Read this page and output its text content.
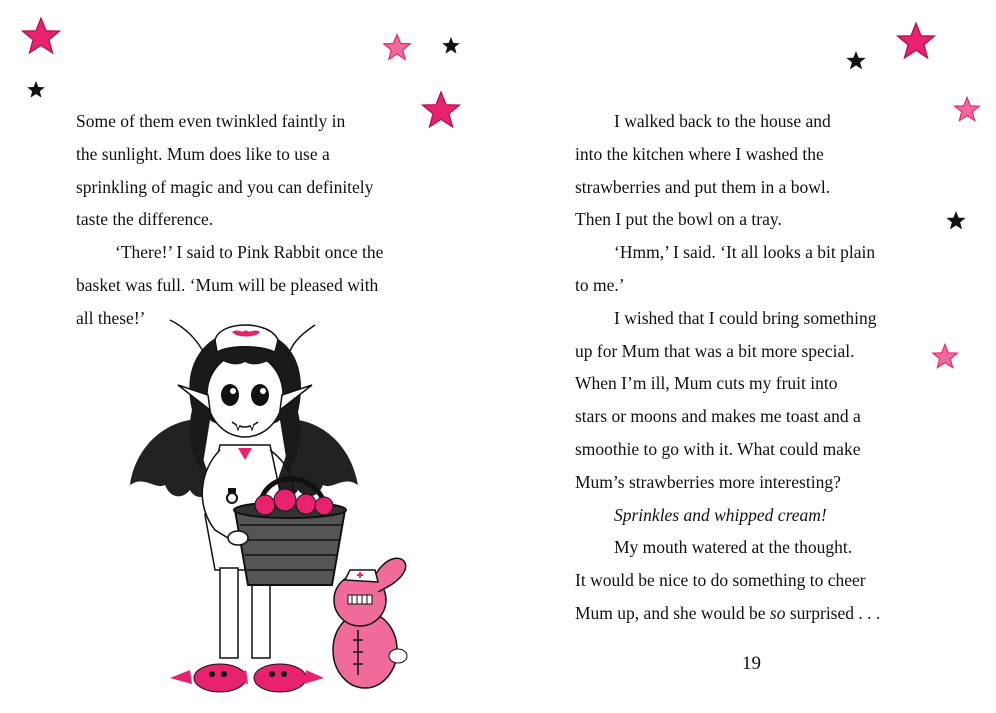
Some of them even twinkled faintly in
the sunlight. Mum does like to use a
sprinkling of magic and you can definitely
taste the difference.
‘There!’ I said to Pink Rabbit once the
basket was full. ‘Mum will be pleased with
all these!’
I walked back to the house and
into the kitchen where I washed the
strawberries and put them in a bowl.
Then I put the bowl on a tray.
‘Hmm,’ I said. ‘It all looks a bit plain
to me.’
I wished that I could bring something
up for Mum that was a bit more special.
When I’m ill, Mum cuts my fruit into
stars or moons and makes me toast and a
smoothie to go with it. What could make
Mum’s strawberries more interesting?
Sprinkles and whipped cream!
My mouth watered at the thought.
It would be nice to do something to cheer
Mum up, and she would be so surprised . . .
19
